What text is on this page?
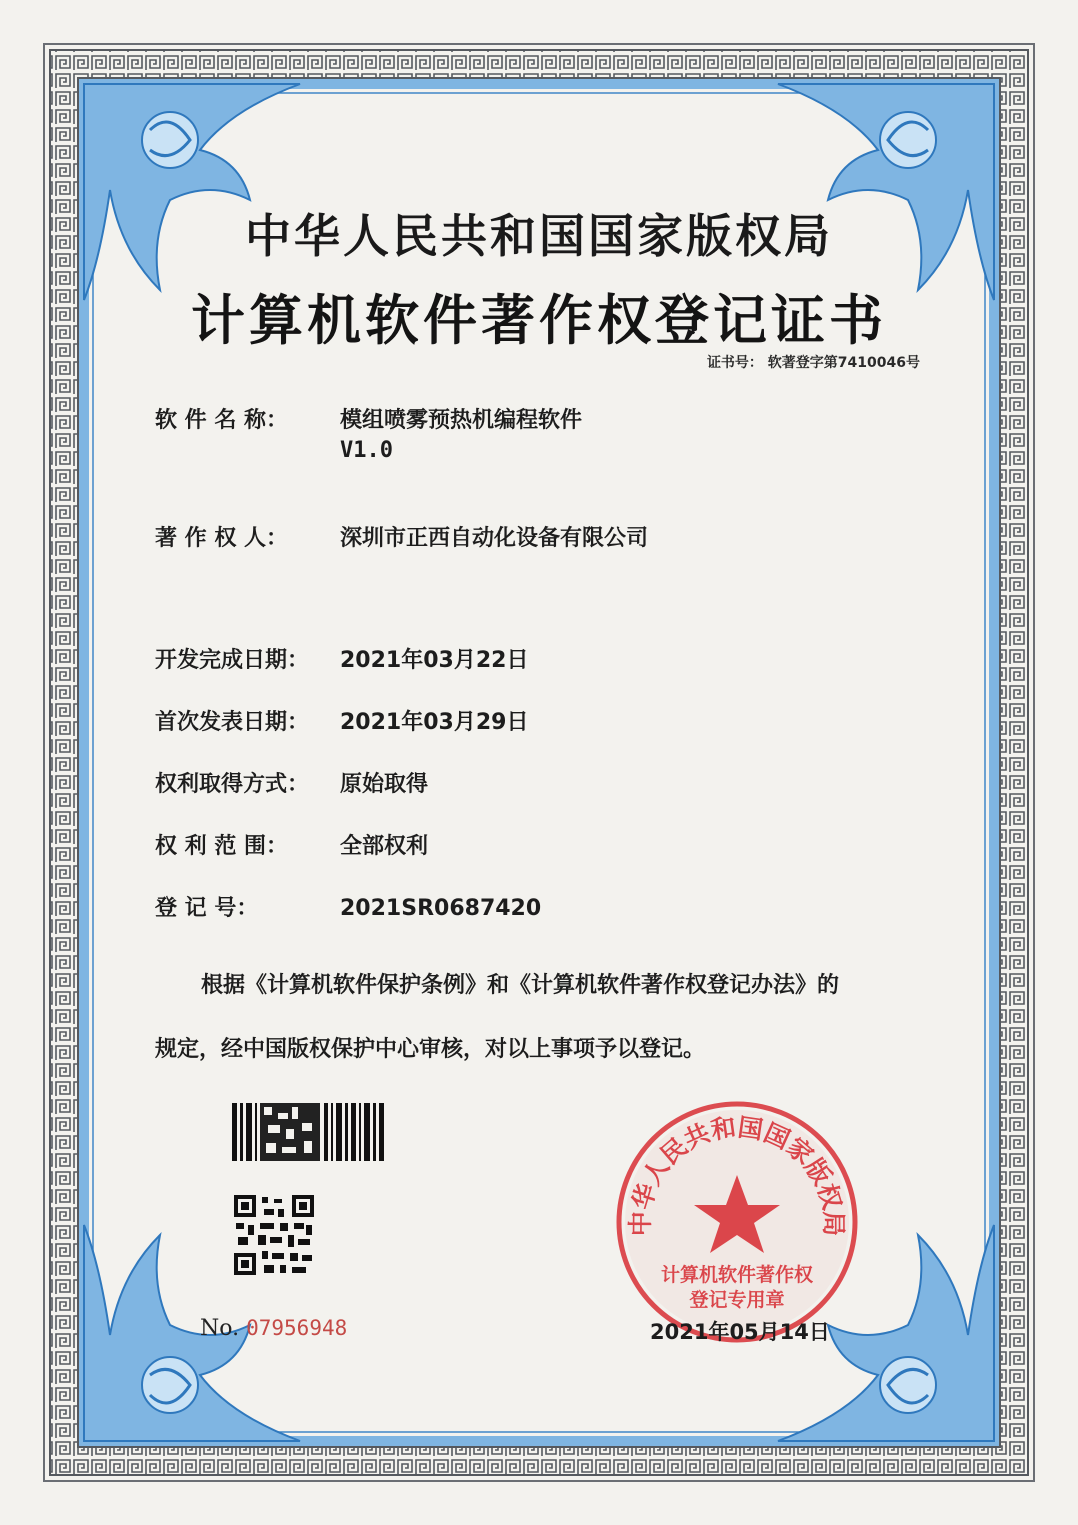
中华人民共和国国家版权局
计算机软件著作权登记证书
证书号： 软著登字第7410046号
软 件 名 称：	模组喷雾预热机编程软件
V1.0
著 作 权 人：	深圳市正西自动化设备有限公司
开发完成日期：	2021年03月22日
首次发表日期：	2021年03月29日
权利取得方式：	原始取得
权 利 范 围：	全部权利
登 记 号：	2021SR0687420
根据《计算机软件保护条例》和《计算机软件著作权登记办法》的
规定，经中国版权保护中心审核，对以上事项予以登记。
No. 07956948
中华人民共和国国家版权局
计算机软件著作权
登记专用章
2021年05月14日
